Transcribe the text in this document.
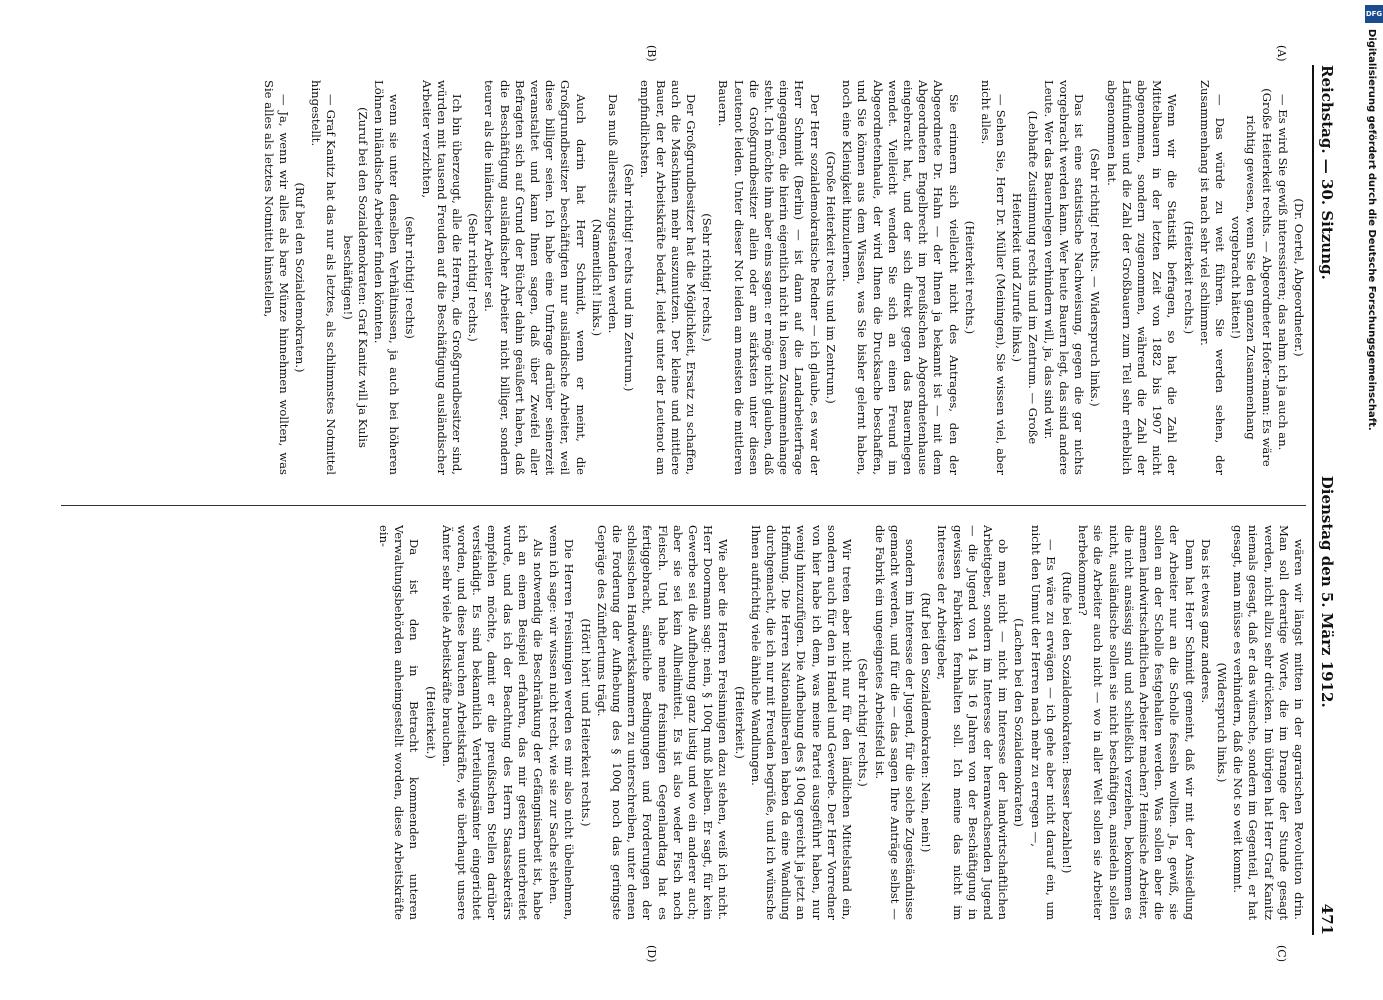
Reichstag. — 30. Sitzung.
Dienstag den 5. März 1912.
471
(A)
(B)
(C)
(D)

(Dr. Oertel, Abgeordneter.)

— Es wird Sie gewiß interessieren; das nahm ich ja auch an.

(Große Heiterkeit rechts. — Abgeordneter Hofer-mann: Es wäre richtig gewesen, wenn Sie den ganzen Zusammenhang vorgebracht hätten!)

— Das würde zu weit führen. Sie werden sehen, der Zusammenhang ist nach sehr viel schlimmer.

(Heiterkeit rechts.)

Wenn wir die Statistik befragen, so hat die Zahl der Mittelbauern in der letzten Zeit von 1882 bis 1907 nicht abgenommen, sondern zugenommen, während die Zahl der Latifundien und die Zahl der Großbauern zum Teil sehr erheblich abgenommen hat.

(Sehr richtig! rechts. — Widerspruch links.)

Das ist eine statistische Nachweisung, gegen die gar nichts vorgebracht werden kann. Wer heute Bauern legt, das sind andere Leute. Wer das Bauernlegen verhindern will, ja, das sind wir.

(Lebhafte Zustimmung rechts und im Zentrum. — Große Heiterkeit und Zurufe links.)

— Sehen Sie, Herr Dr. Müller (Meiningen), Sie wissen viel, aber nicht alles.

(Heiterkeit rechts.)

Sie erinnern sich vielleicht nicht des Antrages, den der Abgeordnete Dr. Hahn — der Ihnen ja bekannt ist — mit dem Abgeordneten Engelbrecht im preußischen Abgeordnetenhause eingebracht hat, und der sich direkt gegen das Bauernlegen wendet. Vielleicht wenden Sie sich an einen Freund im Abgeordnetenhaule, der wird Ihnen die Drucksache beschaffen, und Sie können aus dem Wissen, was Sie bisher gelernt haben, noch eine Kleinigkeit hinzulernen.

(Große Heiterkeit rechts und im Zentrum.)

Der Herr sozialdemokratische Redner — ich glaube, es war der Herr Schmidt (Berlin) — ist dann auf die Landarbeiterfrage eingegangen, die hierin eigentlich nicht in losem Zusammenhange steht. Ich möchte ihm aber eins sagen: er möge nicht glauben, daß die Großgrundbesitzer allein oder am stärksten unter diesen Leutenot leiden. Unter dieser Not leiden am meisten die mittleren Bauern.

(Sehr richtig! rechts.)

Der Großgrundbesitzer hat die Möglichkeit, Ersatz zu schaffen, auch die Maschinen mehr auszunutzen. Der kleine und mittlere Bauer, der der Arbeitskräfte bedarf, leidet unter der Leutenot am empfindlichsten.

(Sehr richtig! rechts und im Zentrum.)

Das muß allerseits zugestanden werden.

(Namentlich! links.)

Auch darin hat Herr Schmidt, wenn er meint, die Großgrundbesitzer beschäftigten nur ausländische Arbeiter, weil diese billiger seien. Ich habe eine Umfrage darüber seinerzeit veranstaltet und kann Ihnen sagen, daß über Zweifel aller Befragten sich auf Grund der Bücher dahin geäußert haben, daß die Beschäftigung ausländischer Arbeiter nicht billiger, sondern teurer als die inländischer Arbeiter sei.

(Sehr richtig! rechts.)

Ich bin überzeugt, alle die Herren, die Großgrundbesitzer sind, würden mit tausend Freuden auf die Beschäftigung ausländischer Arbeiter verzichten,

(sehr richtig! rechts)

wenn sie unter denselben Verhältnissen, ja auch bei höheren Löhnen inländische Arbeiter finden könnten.

(Zuruf bei den Sozialdemokraten: Graf Kanitz will ja Kulis beschäftigen!)

— Graf Kanitz hat das nur als letztes, als schlimmstes Notmittel hingestellt.

(Ruf bei den Sozialdemokraten.)

— Ja, wenn wir alles als bare Münze hinnehmen wollten, was Sie alles als letztes Notmittel hinstellen,

wären wir längst mitten in der agrarischen Revolution drin. Man soll derartige Worte, die im Drange der Stunde gesagt werden, nicht allzu sehr drücken. Im übrigen hat Herr Graf Kanitz niemals gesagt, daß er das wünsche, sondern im Gegenteil, er hat gesagt, man müsse es verhindern, daß die Not so weit kommt.

(Widerspruch links.)

Das ist etwas ganz anderes.

Dann hat Herr Schmidt gemeint, daß wir mit der Ansiedlung der Arbeiter nur an die Scholle fesseln wollten. Ja, gewiß, sie sollen an der Scholle festgehalten werden. Was sollen aber die armen landwirtschaftlichen Arbeiter machen? Heimische Arbeiter, die nicht ansässig sind und schließlich verziehen, bekommen es nicht, ausländische sollen sie nicht beschäftigen, ansiedeln sollen sie die Arbeiter auch nicht — wo in aller Welt sollen sie Arbeiter herbekommen?

(Rufe bei den Sozialdemokraten: Besser bezahlen!)

— Es wäre zu erwägen — ich gehe aber nicht darauf ein, um nicht den Unmut der Herren nach mehr zu erregen —,

(Lachen bei den Sozialdemokraten)

ob man nicht — nicht im Interesse der landwirtschaftlichen Arbeitgeber, sondern im Interesse der heranwachsenden Jugend — die Jugend von 14 bis 16 Jahren von der Beschäftigung in gewissen Fabriken fernhalten soll. Ich meine das nicht im Interesse der Arbeitgeber,

(Ruf bei den Sozialdemokraten: Nein, nein!)

sondern im Interesse der Jugend, für die solche Zugeständnisse gemacht werden, und für die — das sagen Ihre Anträge selbst — die Fabrik ein ungeeignetes Arbeitsfeld ist.

(Sehr richtig! rechts.)

Wir treten aber nicht nur für den ländlichen Mittelstand ein, sondern auch für den in Handel und Gewerbe. Der Herr Vorredner von hier habe ich dem, was meine Partei ausgeführt haben, nur wenig hinzuzufügen. Die Aufhebung des § 100q gereicht ja jetzt an Hoffnung. Die Herren Nationalliberalen haben da eine Wandlung durchgemacht, die ich nur mit Freuden begrüße, und ich wünsche Ihnen aufrichtig viele ähnliche Wandlungen.

(Heiterkeit.)

Wie aber die Herren Freisinnigen dazu stehen, weiß ich nicht. Herr Doormann sagt: nein, § 100q muß bleiben. Er sagt, für kein Gewerbe sei die Aufhebung ganz lustig und wo ein anderer auch; aber sie sei kein Allheilmittel. Es ist also weder Fisch noch Fleisch. Und habe meine freisinnigen Gegenlandtag hat es fertiggebracht, sämtliche Bedingungen und Forderungen der schlesischen Handwerkskammern zu unterschreiben, unter denen die Forderung der Aufhebung des § 100q noch das geringste Gepräge des Zünftlertums trägt.

(Hört! hört! und Heiterkeit rechts.)

Die Herren Freisinnigen werden es mir also nicht übelnehmen, wenn ich sage: wir wissen nicht recht, wie sie zur Sache stehen.

Als notwendig die Beschränkung der Gefängnisarbeit ist, habe ich an einem Beispiel erfahren, das mir gestern unterbreitet wurde, und das ich der Beachtung des Herrn Staatssekretärs empfehlen möchte, damit er die preußischen Stellen darüber verständigt. Es sind bekanntlich Verteilungsämter eingerichtet worden, und diese brauchen Arbeitskräfte, wie überhaupt unsere Ämter sehr viele Arbeitskräfte brauchen.

(Heiterkeit.)

Da ist den in Betracht kommenden unteren Verwaltungsbehörden anheimgestellt worden, diese Arbeitskräfte ein-

DFG
Digitalisierung gefördert durch die Deutsche Forschungsgemeinschaft.
